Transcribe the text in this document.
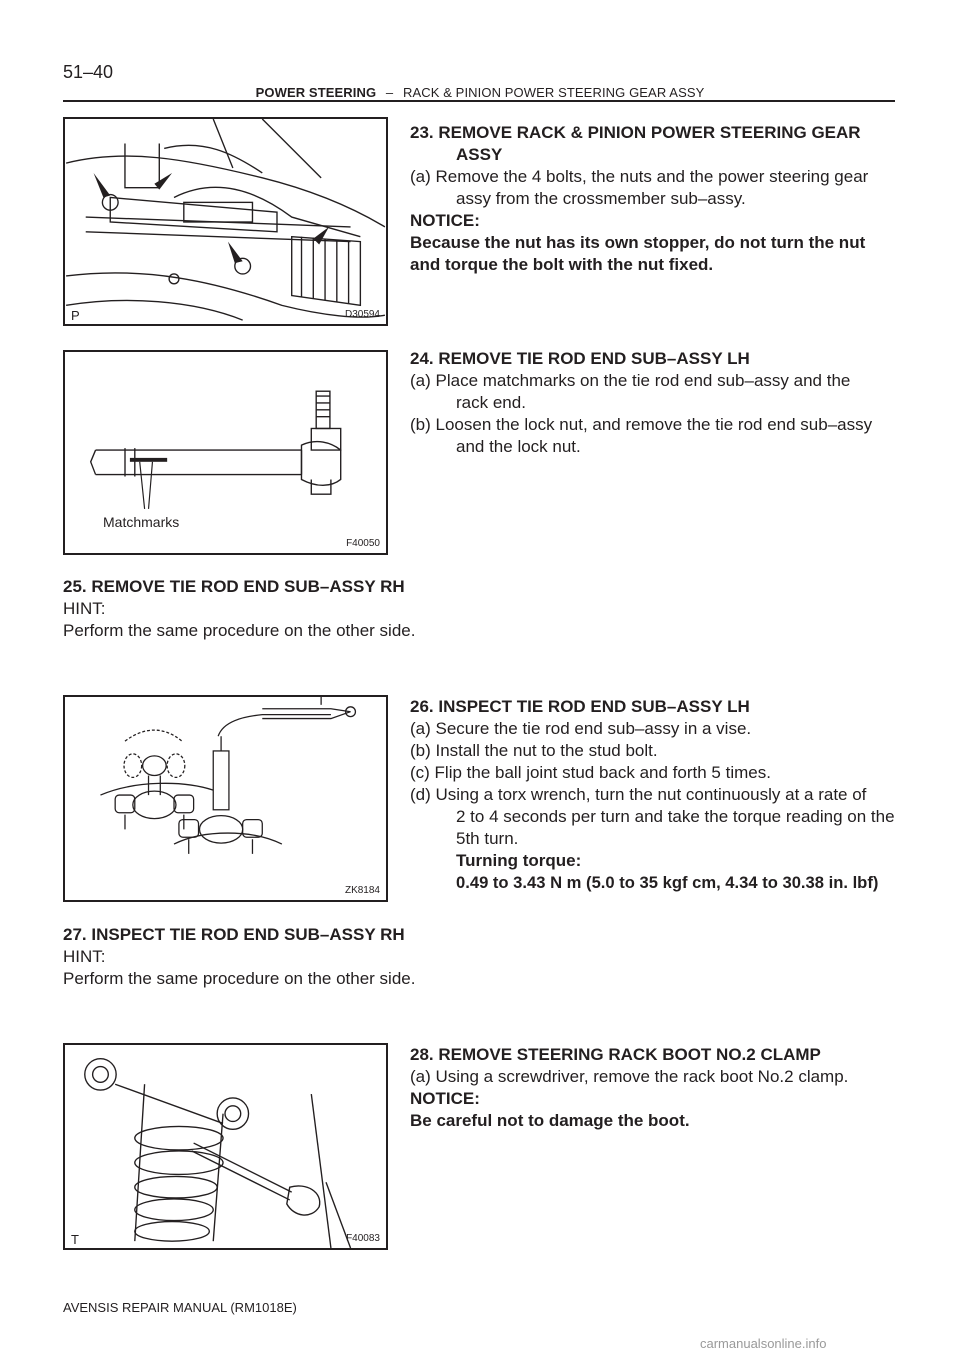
51–40
POWER STEERING – RACK & PINION POWER STEERING GEAR ASSY
P	D30594
23. REMOVE RACK & PINION POWER STEERING GEAR
ASSY
(a) Remove the 4 bolts, the nuts and the power steering gear
assy from the crossmember sub–assy.
NOTICE:
Because the nut has its own stopper, do not turn the nut
and torque the bolt with the nut fixed.
Matchmarks
F40050
24. REMOVE TIE ROD END SUB–ASSY LH
(a) Place matchmarks on the tie rod end sub–assy and the
rack end.
(b) Loosen the lock nut, and remove the tie rod end sub–assy
and the lock nut.
25. REMOVE TIE ROD END SUB–ASSY RH
HINT:
Perform the same procedure on the other side.
ZK8184
26. INSPECT TIE ROD END SUB–ASSY LH
(a) Secure the tie rod end sub–assy in a vise.
(b) Install the nut to the stud bolt.
(c) Flip the ball joint stud back and forth 5 times.
(d) Using a torx wrench, turn the nut continuously at a rate of
2 to 4 seconds per turn and take the torque reading on the
5th turn.
Turning torque:
0.49 to 3.43 N m (5.0 to 35 kgf cm, 4.34 to 30.38 in. lbf)
27. INSPECT TIE ROD END SUB–ASSY RH
HINT:
Perform the same procedure on the other side.
T	F40083
28. REMOVE STEERING RACK BOOT NO.2 CLAMP
(a) Using a screwdriver, remove the rack boot No.2 clamp.
NOTICE:
Be careful not to damage the boot.
AVENSIS REPAIR MANUAL (RM1018E)
carmanualsonline.info
